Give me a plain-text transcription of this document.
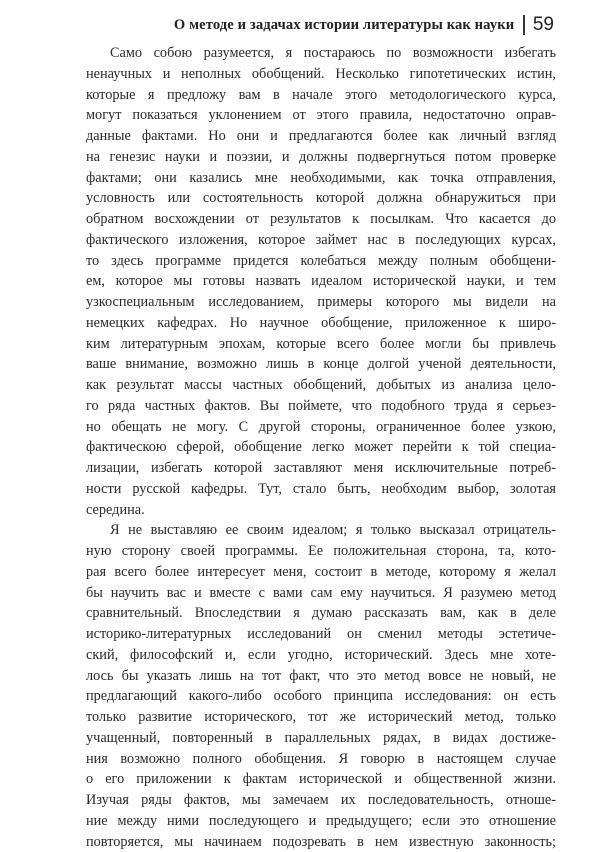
О методе и задачах истории литературы как науки 59
Само собою разумеется, я постараюсь по возможности избегать
ненаучных и неполных обобщений. Несколько гипотетических истин,
которые я предложу вам в начале этого методологического курса,
могут показаться уклонением от этого правила, недостаточно оправ-
данные фактами. Но они и предлагаются более как личный взгляд
на генезис науки и поэзии, и должны подвергнуться потом проверке
фактами; они казались мне необходимыми, как точка отправления,
условность или состоятельность которой должна обнаружиться при
обратном восхождении от результатов к посылкам. Что касается до
фактического изложения, которое займет нас в последующих курсах,
то здесь программе придется колебаться между полным обобщени-
ем, которое мы готовы назвать идеалом исторической науки, и тем
узкоспециальным исследованием, примеры которого мы видели на
немецких кафедрах. Но научное обобщение, приложенное к широ-
ким литературным эпохам, которые всего более могли бы привлечь
ваше внимание, возможно лишь в конце долгой ученой деятельности,
как результат массы частных обобщений, добытых из анализа цело-
го ряда частных фактов. Вы поймете, что подобного труда я серьез-
но обещать не могу. С другой стороны, ограниченное более узкою,
фактическою сферой, обобщение легко может перейти к той специа-
лизации, избегать которой заставляют меня исключительные потреб-
ности русской кафедры. Тут, стало быть, необходим выбор, золотая
середина.
Я не выставляю ее своим идеалом; я только высказал отрицатель-
ную сторону своей программы. Ее положительная сторона, та, кото-
рая всего более интересует меня, состоит в методе, которому я желал
бы научить вас и вместе с вами сам ему научиться. Я разумею метод
сравнительный. Впоследствии я думаю рассказать вам, как в деле
историко-литературных исследований он сменил методы эстетиче-
ский, философский и, если угодно, исторический. Здесь мне хоте-
лось бы указать лишь на тот факт, что это метод вовсе не новый, не
предлагающий какого-либо особого принципа исследования: он есть
только развитие исторического, тот же исторический метод, только
учащенный, повторенный в параллельных рядах, в видах достиже-
ния возможно полного обобщения. Я говорю в настоящем случае
о его приложении к фактам исторической и общественной жизни.
Изучая ряды фактов, мы замечаем их последовательность, отноше-
ние между ними последующего и предыдущего; если это отношение
повторяется, мы начинаем подозревать в нем известную законность;
